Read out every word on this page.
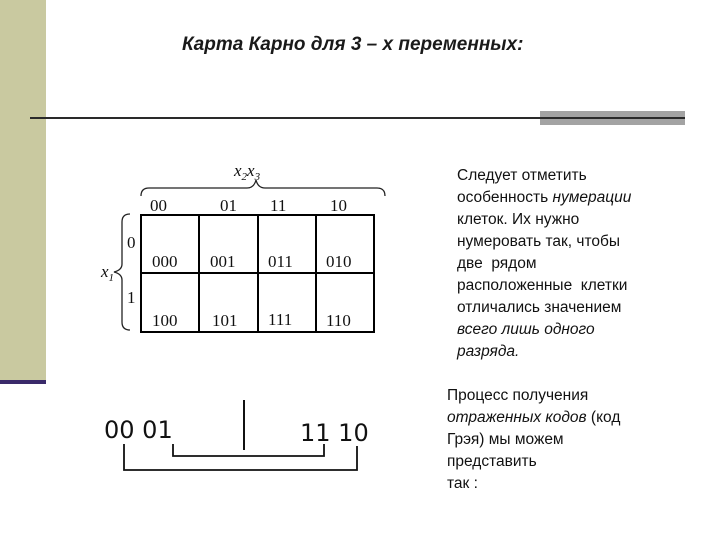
Карта Карно для 3 – х переменных:
$x_2x_3$
00	01 11	10
$x_1$
0
1
000 001 011 010
100 101 111 110
00 01	11 10
Следует отметить
особенность нумерации
клеток. Их нужно
нумеровать так, чтобы
две  рядом
расположенные  клетки
отличались значением
всего лишь одного
разряда.
Процесс получения
отраженных кодов (код
Грэя) мы можем
представить
так :
